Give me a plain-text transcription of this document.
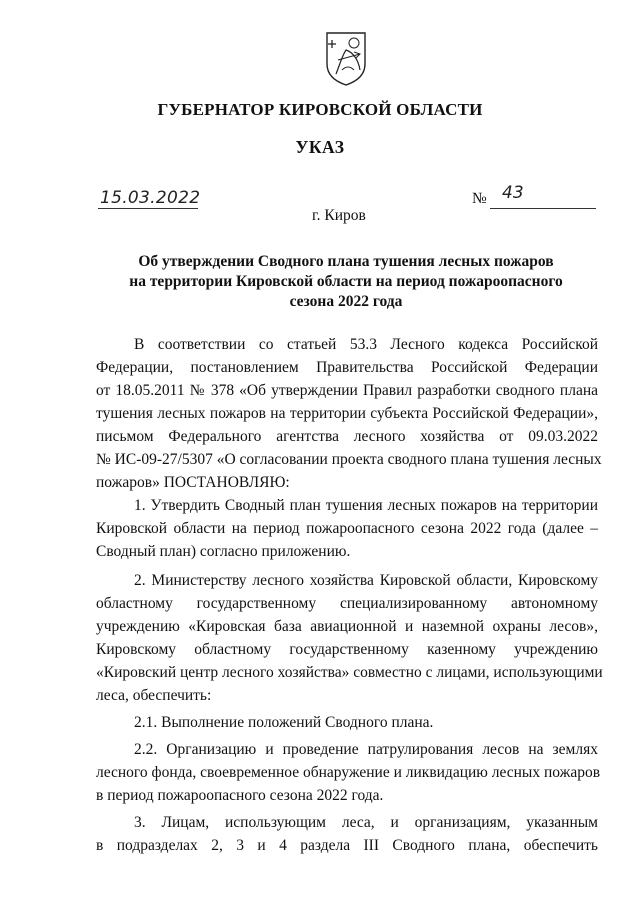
ГУБЕРНАТОР КИРОВСКОЙ ОБЛАСТИ
УКАЗ
15.03.2022	№ 43
г. Киров
Об утверждении Сводного плана тушения лесных пожаров
на территории Кировской области на период пожароопасного
сезона 2022 года
В соответствии со статьей 53.3 Лесного кодекса Российской
Федерации, постановлением Правительства Российской Федерации
от 18.05.2011 № 378 «Об утверждении Правил разработки сводного плана
тушения лесных пожаров на территории субъекта Российской Федерации»,
письмом Федерального агентства лесного хозяйства от 09.03.2022
№ ИС-09-27/5307 «О согласовании проекта сводного плана тушения лесных
пожаров» ПОСТАНОВЛЯЮ:
1. Утвердить Сводный план тушения лесных пожаров на территории
Кировской области на период пожароопасного сезона 2022 года (далее –
Сводный план) согласно приложению.
2. Министерству лесного хозяйства Кировской области, Кировскому
областному государственному специализированному автономному
учреждению «Кировская база авиационной и наземной охраны лесов»,
Кировскому областному государственному казенному учреждению
«Кировский центр лесного хозяйства» совместно с лицами, использующими
леса, обеспечить:
2.1. Выполнение положений Сводного плана.
2.2. Организацию и проведение патрулирования лесов на землях
лесного фонда, своевременное обнаружение и ликвидацию лесных пожаров
в период пожароопасного сезона 2022 года.
3. Лицам, использующим леса, и организациям, указанным
в подразделах 2, 3 и 4 раздела III Сводного плана, обеспечить
